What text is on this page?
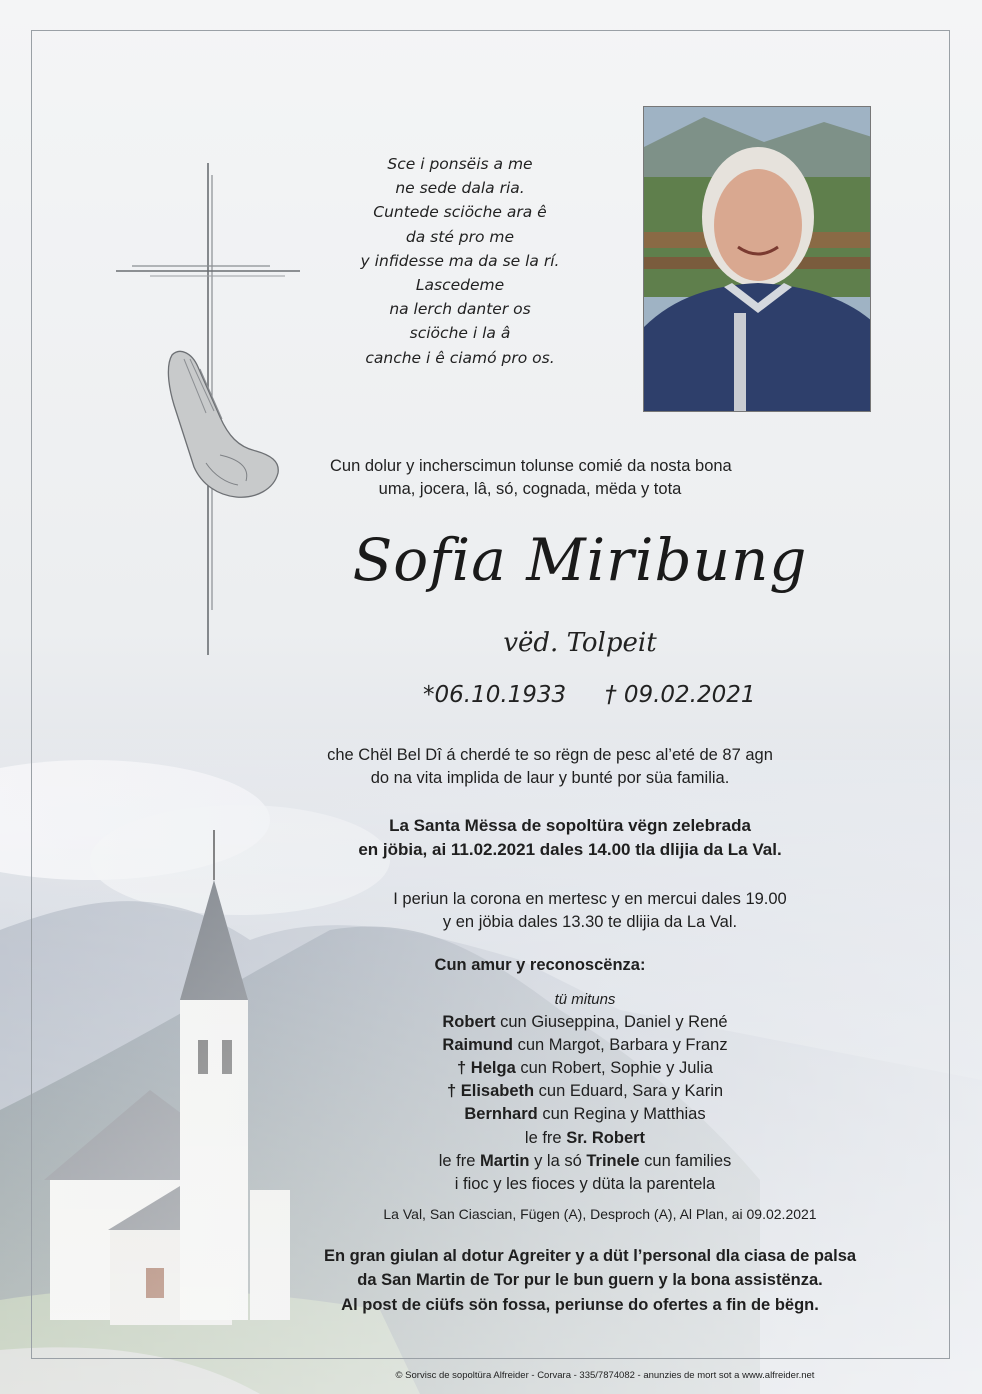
Sce i ponsëis a me
ne sede dala ria.
Cuntede sciöche ara ê
da sté pro me
y infidesse ma da se la rí.
Lascedeme
na lerch danter os
sciöche i la â
canche i ê ciamó pro os.
Cun dolur y incherscimun tolunse comié da nosta bona
uma, jocera, lâ, só, cognada, mëda y tota
Sofia Miribung
vëd. Tolpeit
*06.10.1933 † 09.02.2021
che Chël Bel Dî á cherdé te so rëgn de pesc al’eté de 87 agn
do na vita implida de laur y bunté por süa familia.
La Santa Mëssa de sopoltüra vëgn zelebrada
en jöbia, ai 11.02.2021 dales 14.00 tla dlijia da La Val.
I periun la corona en mertesc y en mercui dales 19.00
y en jöbia dales 13.30 te dlijia da La Val.
Cun amur y reconoscënza:
tü mituns
Robert cun Giuseppina, Daniel y René
Raimund cun Margot, Barbara y Franz
† Helga cun Robert, Sophie y Julia
† Elisabeth cun Eduard, Sara y Karin
Bernhard cun Regina y Matthias
le fre Sr. Robert
le fre Martin y la só Trinele cun families
i fioc y les fioces y düta la parentela
La Val, San Ciascian, Fügen (A), Desproch (A), Al Plan, ai 09.02.2021
En gran giulan al dotur Agreiter y a düt l’personal dla ciasa de palsa
da San Martin de Tor pur le bun guern y la bona assistënza.
Al post de ciüfs sön fossa, periunse do ofertes a fin de bëgn.
© Sorvisc de sopoltüra Alfreider - Corvara - 335/7874082 - anunzies de mort sot a www.alfreider.net
